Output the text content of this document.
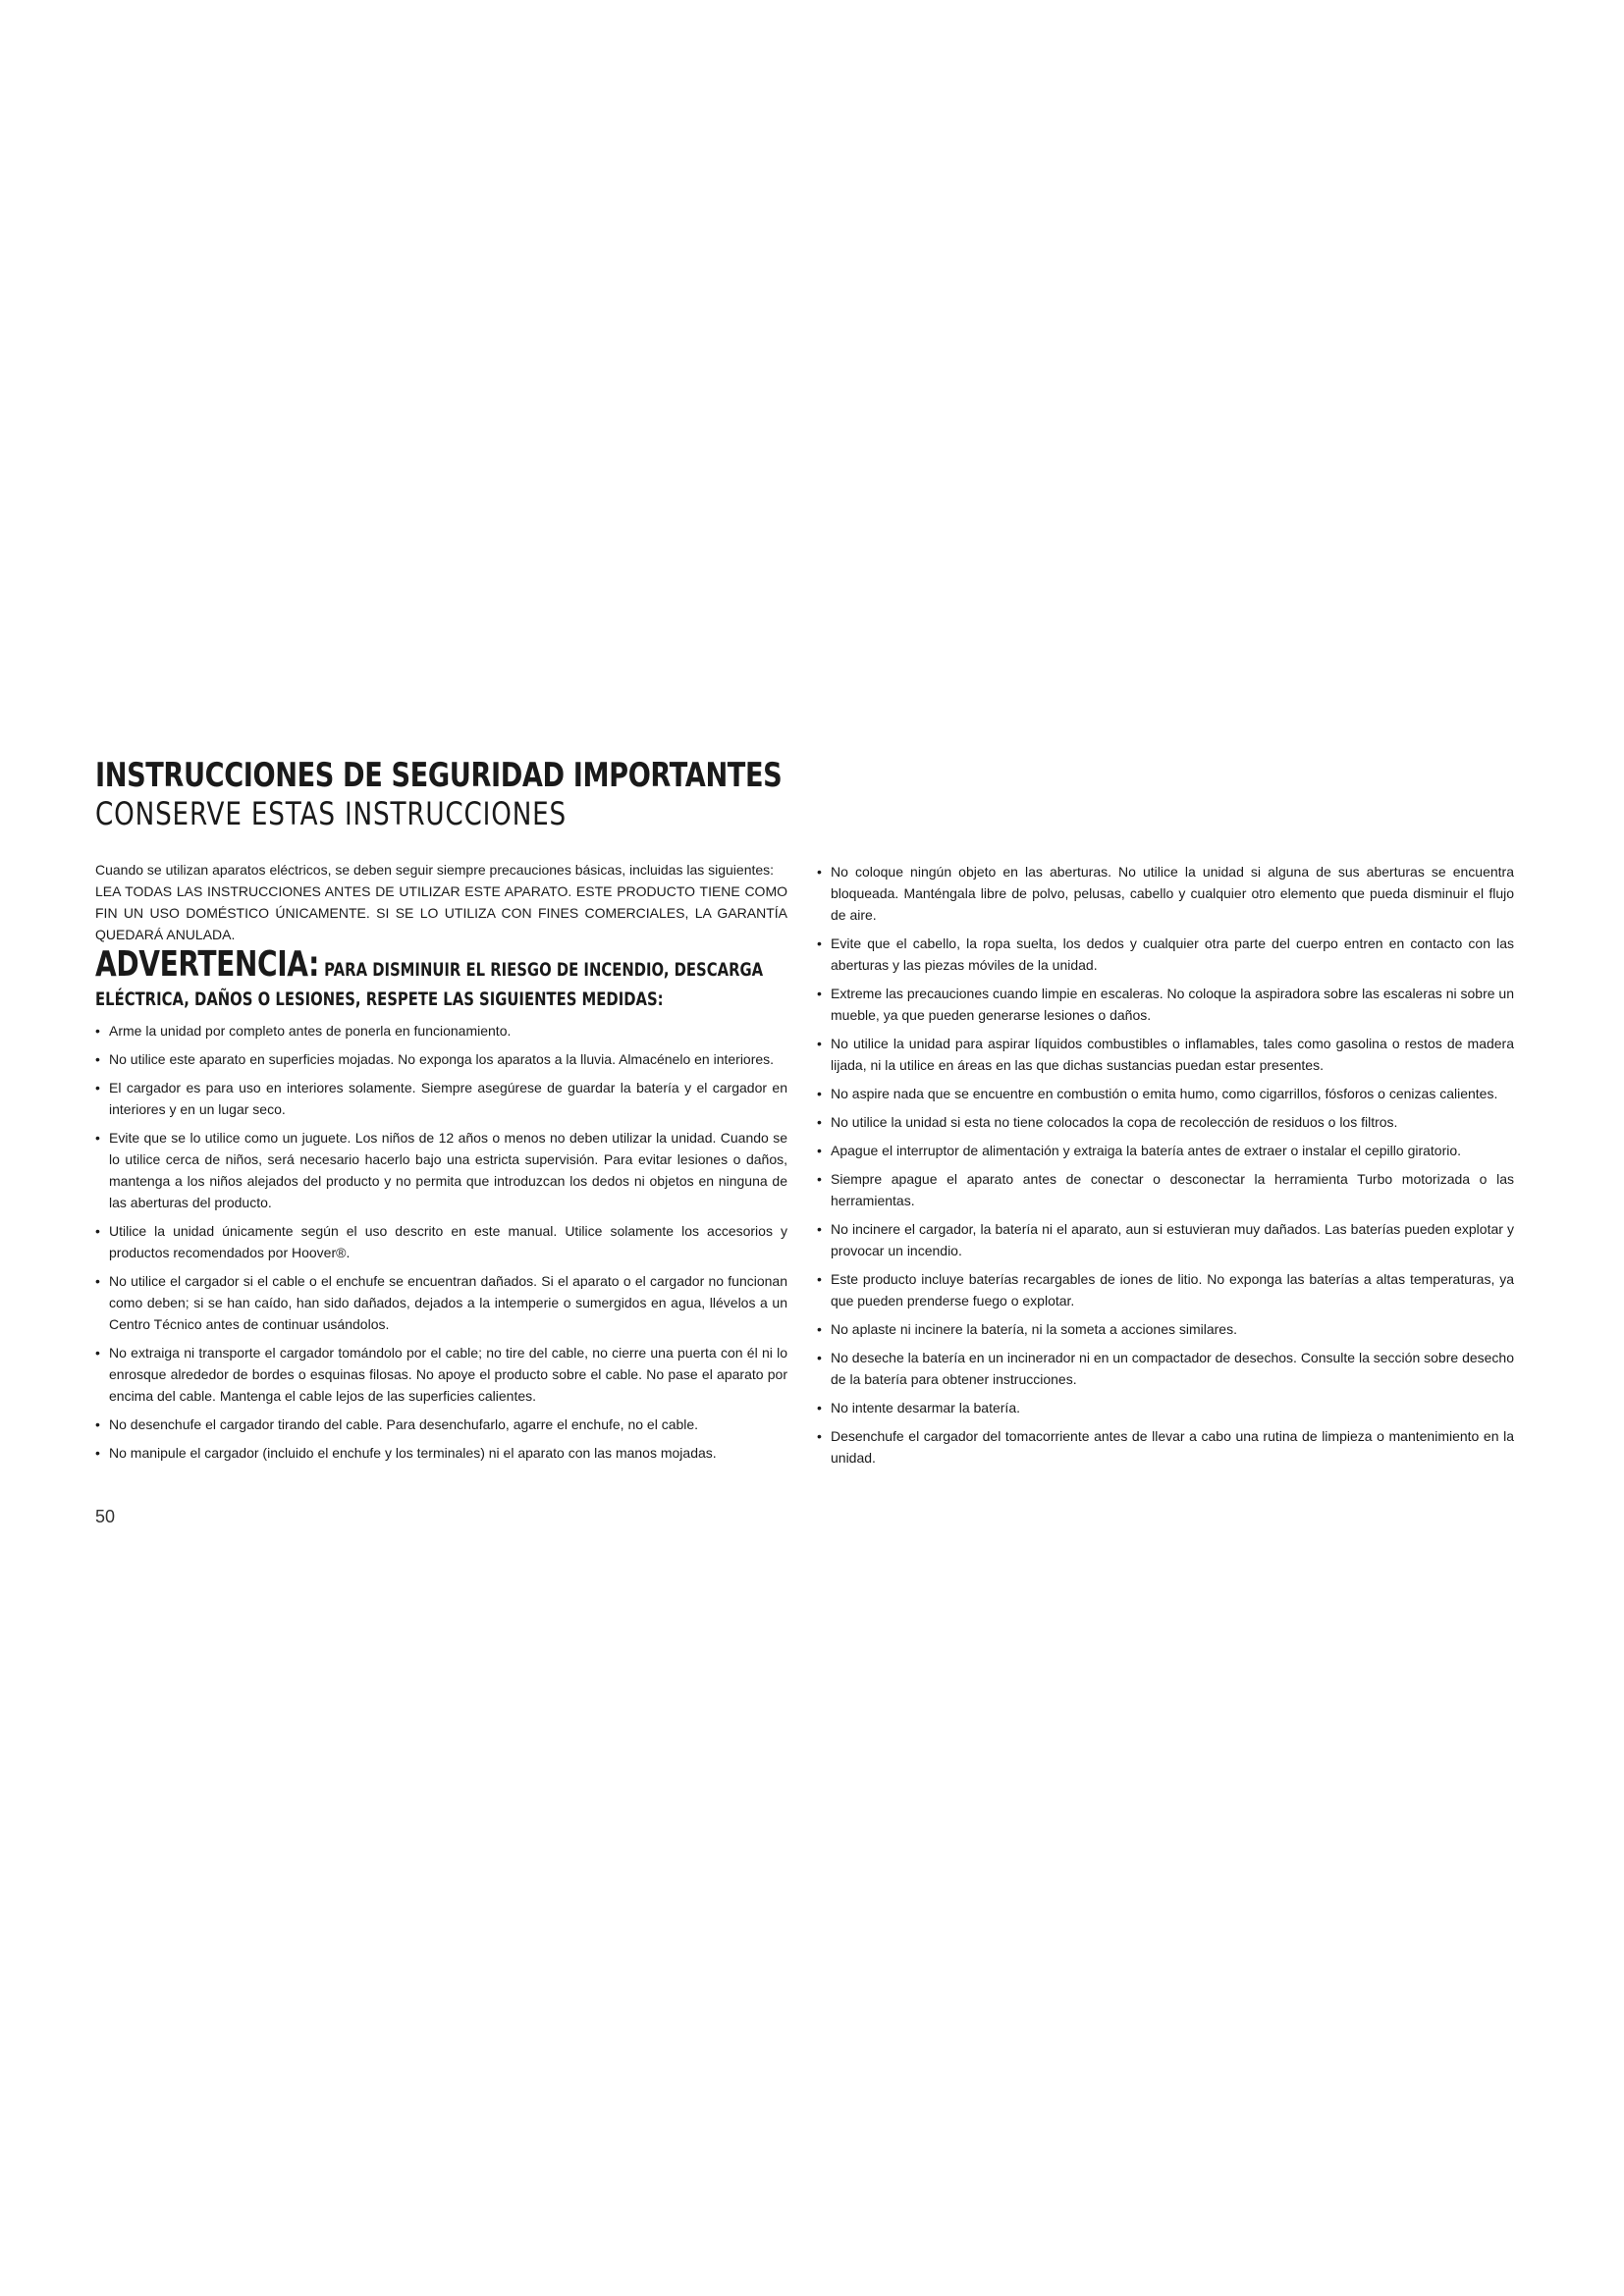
INSTRUCCIONES DE SEGURIDAD IMPORTANTES
CONSERVE ESTAS INSTRUCCIONES

Cuando se utilizan aparatos eléctricos, se deben seguir siempre precauciones básicas, incluidas las siguientes:
LEA TODAS LAS INSTRUCCIONES ANTES DE UTILIZAR ESTE APARATO. ESTE PRODUCTO TIENE COMO FIN UN USO DOMÉSTICO ÚNICAMENTE. SI SE LO UTILIZA CON FINES COMERCIALES, LA GARANTÍA QUEDARÁ ANULADA.

ADVERTENCIA: PARA DISMINUIR EL RIESGO DE INCENDIO, DESCARGA
ELÉCTRICA, DAÑOS O LESIONES, RESPETE LAS SIGUIENTES MEDIDAS:
• Arme la unidad por completo antes de ponerla en funcionamiento.
• No utilice este aparato en superficies mojadas. No exponga los aparatos a la lluvia. Almacénelo en interiores.
• El cargador es para uso en interiores solamente. Siempre asegúrese de guardar la batería y el cargador en interiores y en un lugar seco.
• Evite que se lo utilice como un juguete. Los niños de 12 años o menos no deben utilizar la unidad. Cuando se lo utilice cerca de niños, será necesario hacerlo bajo una estricta supervisión. Para evitar lesiones o daños, mantenga a los niños alejados del producto y no permita que introduzcan los dedos ni objetos en ninguna de las aberturas del producto.
• Utilice la unidad únicamente según el uso descrito en este manual. Utilice solamente los accesorios y productos recomendados por Hoover®.
• No utilice el cargador si el cable o el enchufe se encuentran dañados. Si el aparato o el cargador no funcionan como deben; si se han caído, han sido dañados, dejados a la intemperie o sumergidos en agua, llévelos a un Centro Técnico antes de continuar usándolos.
• No extraiga ni transporte el cargador tomándolo por el cable; no tire del cable, no cierre una puerta con él ni lo enrosque alrededor de bordes o esquinas filosas. No apoye el producto sobre el cable. No pase el aparato por encima del cable. Mantenga el cable lejos de las superficies calientes.
• No desenchufe el cargador tirando del cable. Para desenchufarlo, agarre el enchufe, no el cable.
• No manipule el cargador (incluido el enchufe y los terminales) ni el aparato con las manos mojadas.
• No coloque ningún objeto en las aberturas. No utilice la unidad si alguna de sus aberturas se encuentra bloqueada. Manténgala libre de polvo, pelusas, cabello y cualquier otro elemento que pueda disminuir el flujo de aire.
• Evite que el cabello, la ropa suelta, los dedos y cualquier otra parte del cuerpo entren en contacto con las aberturas y las piezas móviles de la unidad.
• Extreme las precauciones cuando limpie en escaleras. No coloque la aspiradora sobre las escaleras ni sobre un mueble, ya que pueden generarse lesiones o daños.
• No utilice la unidad para aspirar líquidos combustibles o inflamables, tales como gasolina o restos de madera lijada, ni la utilice en áreas en las que dichas sustancias puedan estar presentes.
• No aspire nada que se encuentre en combustión o emita humo, como cigarrillos, fósforos o cenizas calientes.
• No utilice la unidad si esta no tiene colocados la copa de recolección de residuos o los filtros.
• Apague el interruptor de alimentación y extraiga la batería antes de extraer o instalar el cepillo giratorio.
• Siempre apague el aparato antes de conectar o desconectar la herramienta Turbo motorizada o las herramientas.
• No incinere el cargador, la batería ni el aparato, aun si estuvieran muy dañados. Las baterías pueden explotar y provocar un incendio.
• Este producto incluye baterías recargables de iones de litio. No exponga las baterías a altas temperaturas, ya que pueden prenderse fuego o explotar.
• No aplaste ni incinere la batería, ni la someta a acciones similares.
• No deseche la batería en un incinerador ni en un compactador de desechos. Consulte la sección sobre desecho de la batería para obtener instrucciones.
• No intente desarmar la batería.
• Desenchufe el cargador del tomacorriente antes de llevar a cabo una rutina de limpieza o mantenimiento en la unidad.
50
